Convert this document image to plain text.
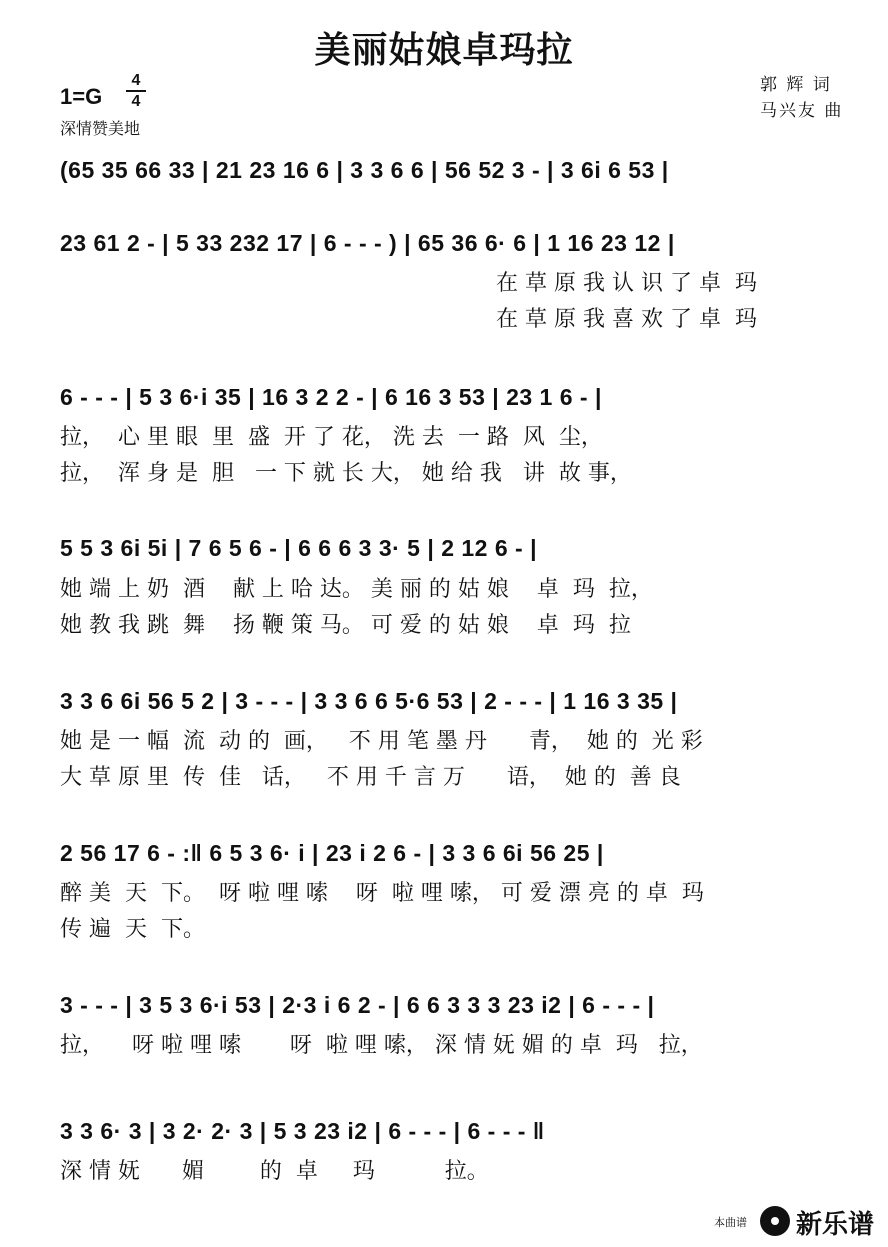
美丽姑娘卓玛拉
1=G
4
4
深情赞美地
郭 辉 词
马兴友 曲
(65 35 66 33 | 21 23 16 6 | 3 3 6 6 | 56 52 3 - | 3 6i 6 53 |
23 61 2 - | 5 33 232 17 | 6 - - - ) | 65 36 6· 6 | 1 16 23 12 |
在 草 原 我 认 识 了 卓  玛
在 草 原 我 喜 欢 了 卓  玛
6 - - - | 5 3 6·i 35 | 16 3 2 2 - | 6 16 3 53 | 23 1 6 - |
拉，  心 里 眼  里  盛  开 了 花， 洗 去  一 路  风  尘，
拉，  浑 身 是  胆   一 下 就 长 大， 她 给 我   讲  故 事，
5 5 3 6i 5i | 7 6 5 6 - | 6 6 6 3 3· 5 | 2 12 6 - |
她 端 上 奶  酒    献 上 哈 达。 美 丽 的 姑 娘    卓  玛  拉，
她 教 我 跳  舞    扬 鞭 策 马。 可 爱 的 姑 娘    卓  玛  拉
3 3 6 6i 56 5 2 | 3 - - - | 3 3 6 6 5·6 53 | 2 - - - | 1 16 3 35 |
她 是 一 幅  流  动 的  画，   不 用 笔 墨 丹      青，  她 的  光 彩
大 草 原 里  传  佳   话，   不 用 千 言 万      语，  她 的  善 良
2 56 17 6 - :‖ 6 5 3 6· i | 23 i 2 6 - | 3 3 6 6i 56 25 |
醉 美  天  下。  呀 啦 哩 嗦    呀  啦 哩 嗦， 可 爱 漂 亮 的 卓  玛
传 遍  天  下。
3 - - - | 3 5 3 6·i 53 | 2·3 i 6 2 - | 6 6 3 3 3 23 i2 | 6 - - - |
拉，    呀 啦 哩 嗦       呀  啦 哩 嗦， 深 情 妩 媚 的 卓  玛   拉，
3 3 6· 3 | 3 2· 2· 3 | 5 3 23 i2 | 6 - - - | 6 - - - ‖
深 情 妩      媚        的  卓     玛          拉。
本曲谱 新乐谱
